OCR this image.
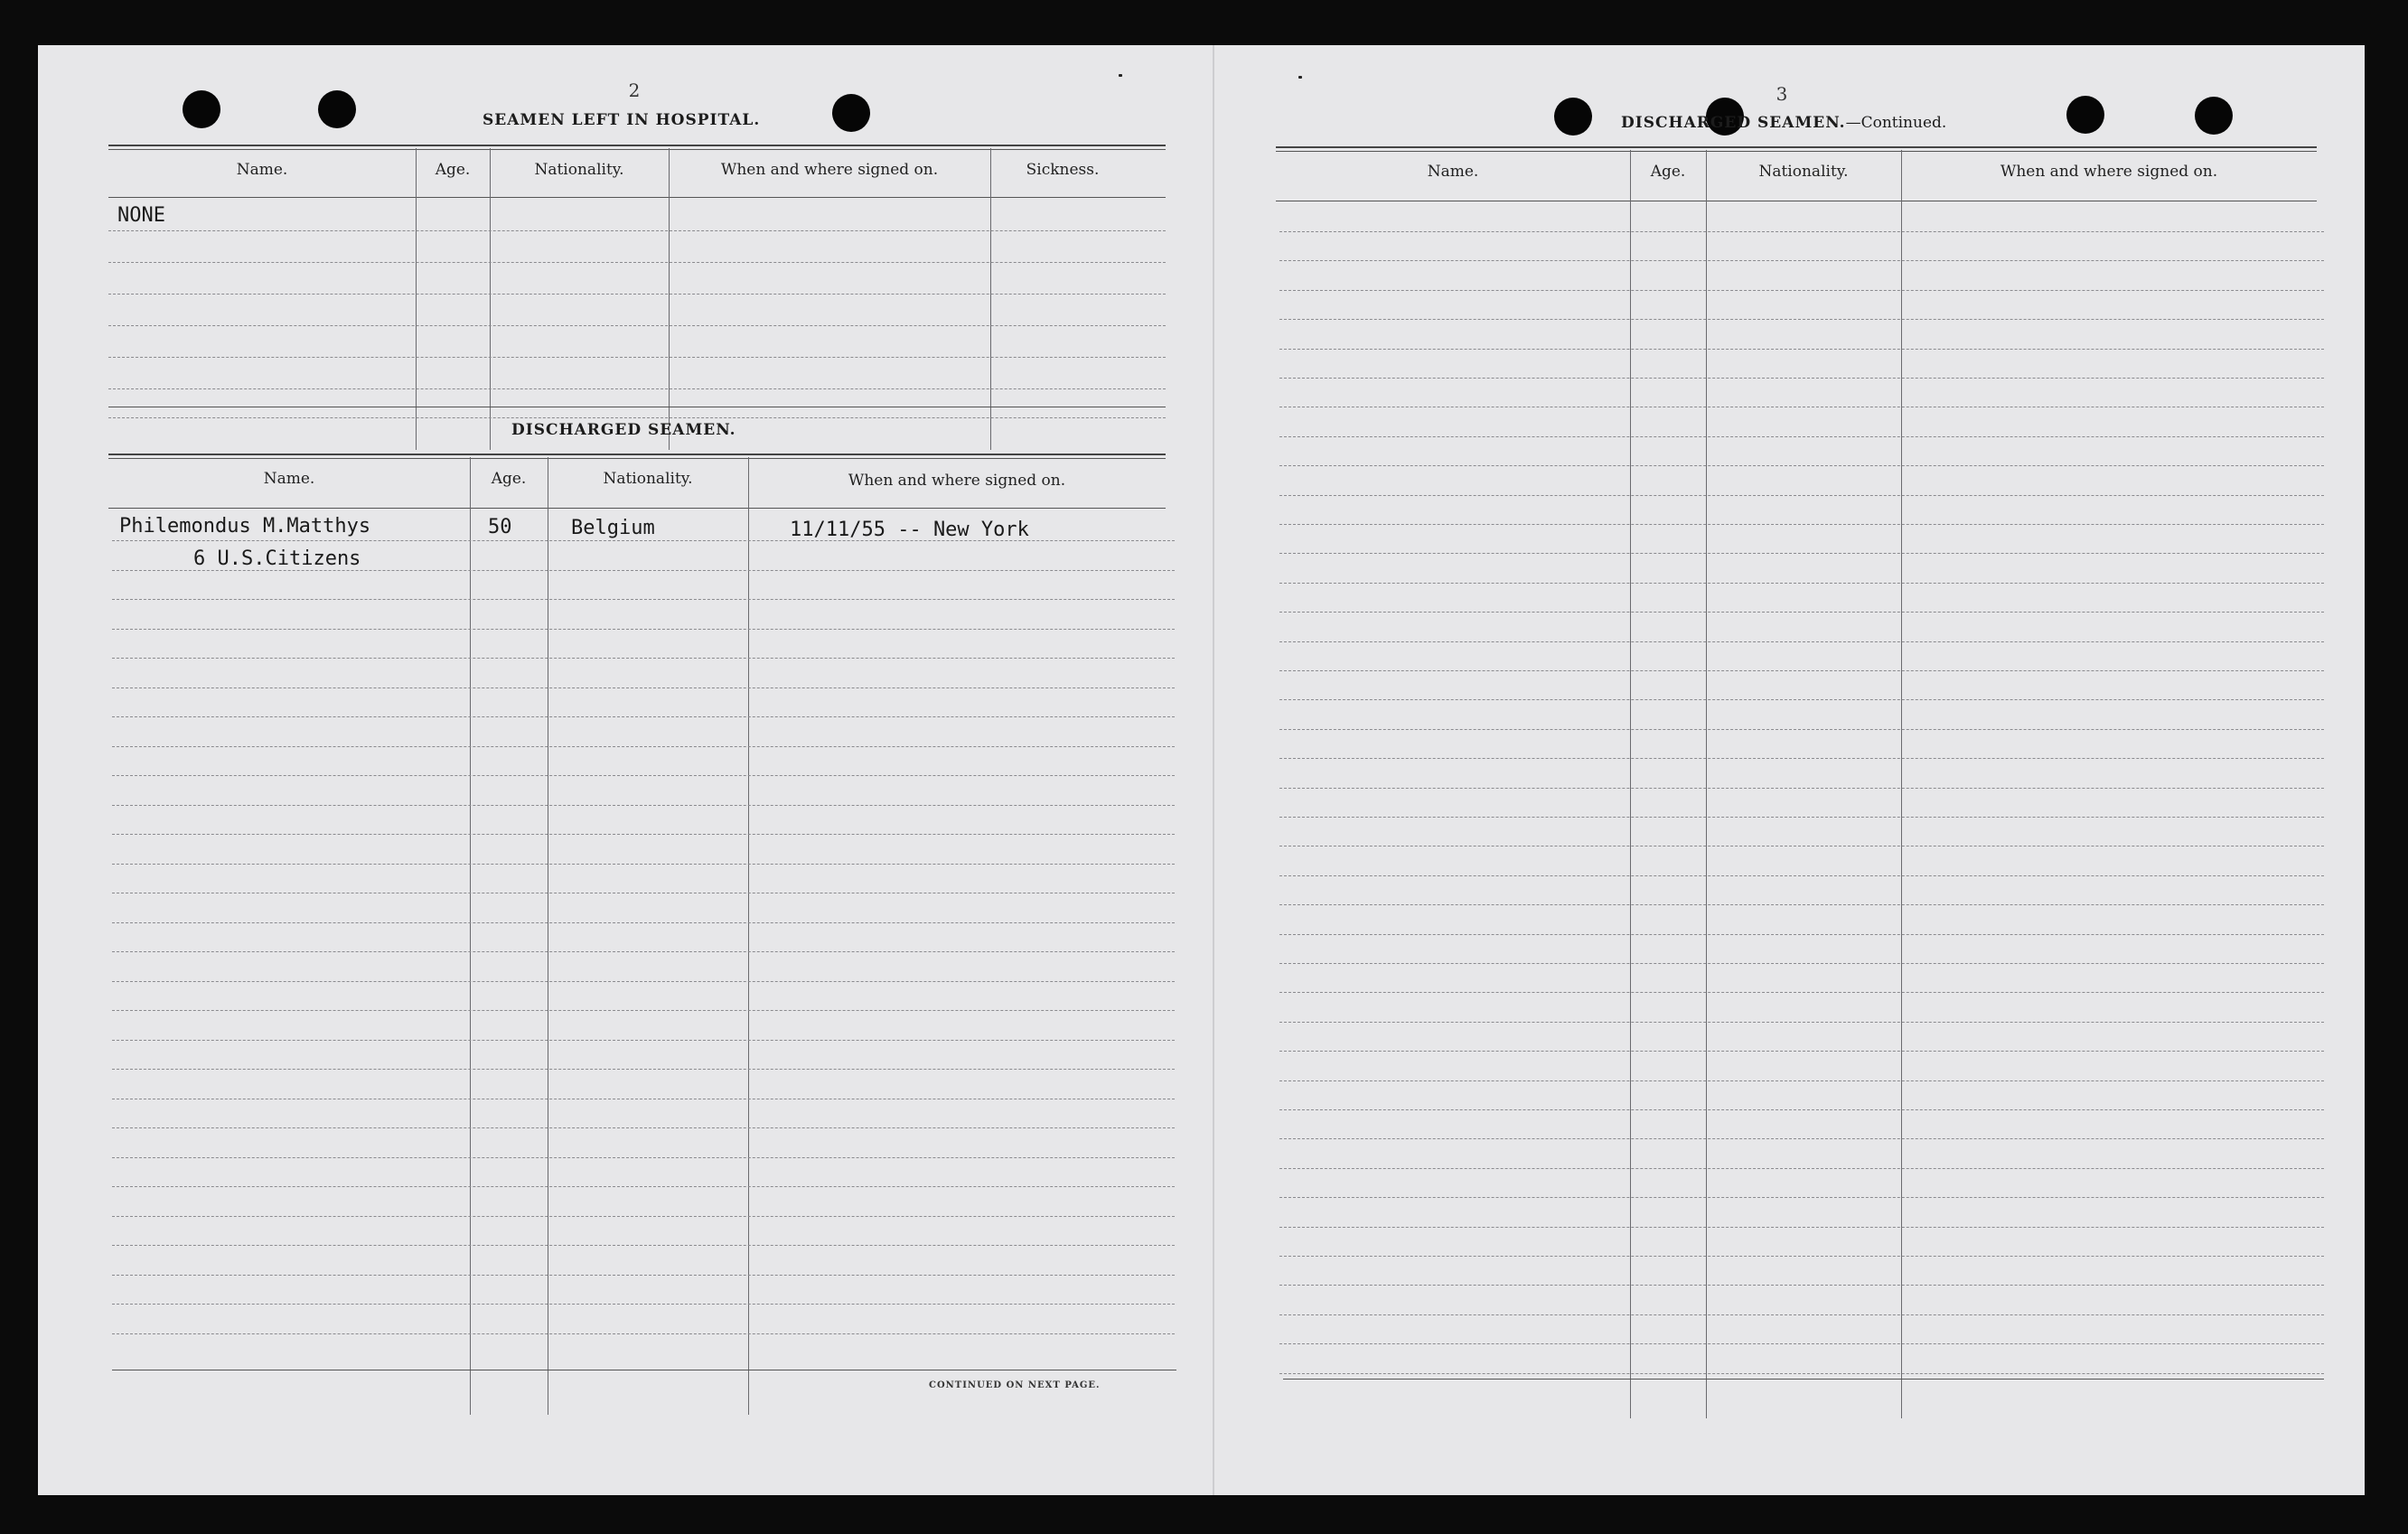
2
SEAMEN LEFT IN HOSPITAL.
Name.	Age.	Nationality.	When and where signed on.	Sickness.
NONE
DISCHARGED SEAMEN.
Name.	Age.	Nationality.	When and where signed on.
Philemondus M.Matthys	50	Belgium	11/11/55 -- New York
6 U.S.Citizens
CONTINUED ON NEXT PAGE.
3
DISCHARGED SEAMEN.—Continued.
Name.	Age.	Nationality.	When and where signed on.
